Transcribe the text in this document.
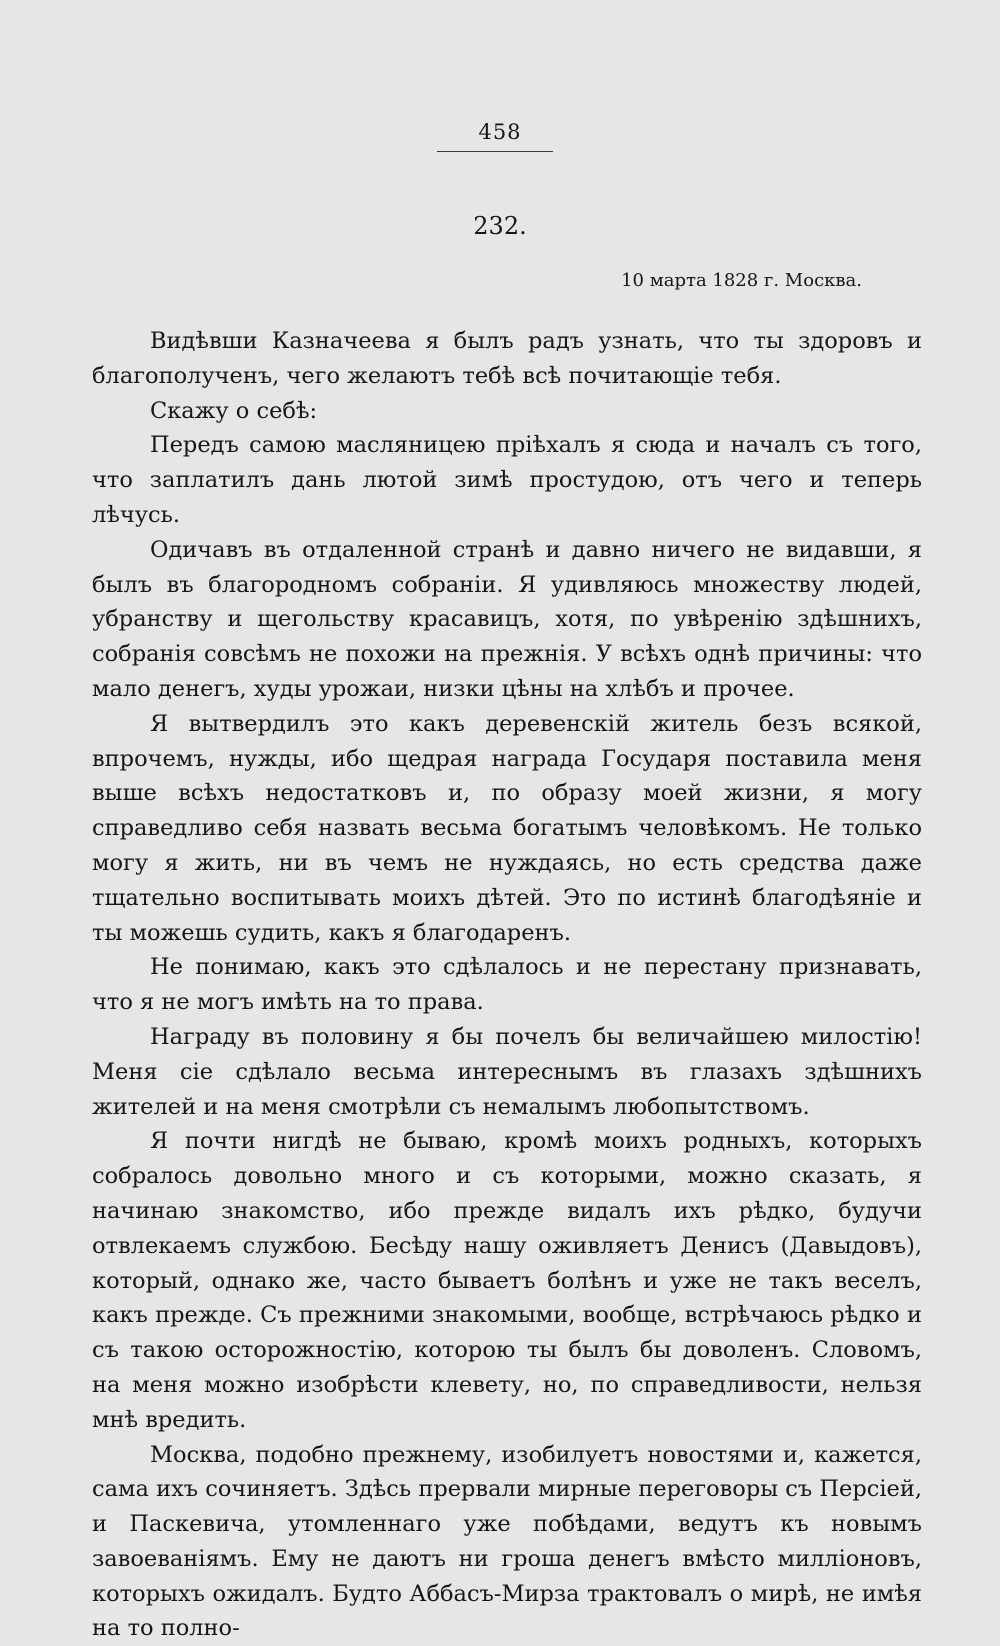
458
232.
10 марта 1828 г. Москва.

Видѣвши Казначеева я былъ радъ узнать, что ты здоровъ и благополученъ, чего желаютъ тебѣ всѣ почитающіе тебя.

Скажу о себѣ:

Передъ самою масляницею пріѣхалъ я сюда и началъ съ того, что заплатилъ дань лютой зимѣ простудою, отъ чего и теперь лѣчусь.

Одичавъ въ отдаленной странѣ и давно ничего не видавши, я былъ въ благородномъ собраніи. Я удивляюсь множеству людей, убранству и щегольству красавицъ, хотя, по увѣренію здѣшнихъ, собранія совсѣмъ не похожи на прежнія. У всѣхъ однѣ причины: что мало денегъ, худы урожаи, низки цѣны на хлѣбъ и прочее.

Я вытвердилъ это какъ деревенскій житель безъ всякой, впрочемъ, нужды, ибо щедрая награда Государя поставила меня выше всѣхъ недостатковъ и, по образу моей жизни, я могу справедливо себя назвать весьма богатымъ человѣкомъ. Не только могу я жить, ни въ чемъ не нуждаясь, но есть средства даже тщательно воспитывать моихъ дѣтей. Это по истинѣ благодѣяніе и ты можешь судить, какъ я благодаренъ.

Не понимаю, какъ это сдѣлалось и не перестану признавать, что я не могъ имѣть на то права.

Награду въ половину я бы почелъ бы величайшею милостію! Меня сіе сдѣлало весьма интереснымъ въ глазахъ здѣшнихъ жителей и на меня смотрѣли съ немалымъ любопытствомъ.

Я почти нигдѣ не бываю, кромѣ моихъ родныхъ, которыхъ собралось довольно много и съ которыми, можно сказать, я начинаю знакомство, ибо прежде видалъ ихъ рѣдко, будучи отвлекаемъ службою. Бесѣду нашу оживляетъ Денисъ (Давыдовъ), который, однако же, часто бываетъ болѣнъ и уже не такъ веселъ, какъ прежде. Съ прежними знакомыми, вообще, встрѣчаюсь рѣдко и съ такою осторожностію, которою ты былъ бы доволенъ. Словомъ, на меня можно изобрѣсти клевету, но, по справедливости, нельзя мнѣ вредить.

Москва, подобно прежнему, изобилуетъ новостями и, кажется, сама ихъ сочиняетъ. Здѣсь прервали мирные переговоры съ Персіей, и Паскевича, утомленнаго уже побѣдами, ведутъ къ новымъ завоеваніямъ. Ему не даютъ ни гроша денегъ вмѣсто милліоновъ, которыхъ ожидалъ. Будто Аббасъ-Мирза трактовалъ о мирѣ, не имѣя на то полно-
